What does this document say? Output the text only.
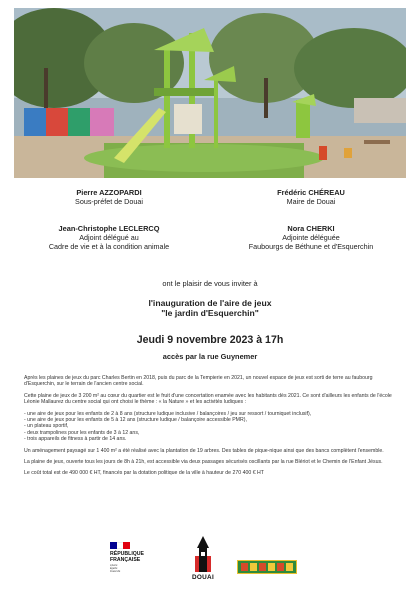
Pierre AZZOPARDI
Sous-préfet de Douai
Frédéric CHÉREAU
Maire de Douai
Jean-Christophe LECLERCQ
Adjoint délégué au
Cadre de vie et à la condition animale
Nora CHERKI
Adjointe déléguée
Faubourgs de Béthune et d'Esquerchin
ont le plaisir de vous inviter à
l'inauguration de l'aire de jeux
"le jardin d'Esquerchin"
Jeudi 9 novembre 2023 à 17h
accès par la rue Guynemer

Après les plaines de jeux du parc Charles Bertin en 2018, puis du parc de la Tempierie en 2021, un nouvel espace de jeux est sorti de terre au faubourg d'Esquerchin, sur le terrain de l'ancien centre social.

Cette plaine de jeux de 3 200 m² au cœur du quartier est le fruit d'une concertation enamée avec les habitants dès 2021. Ce sont d'ailleurs les enfants de l'école Léonie Mallaurez du centre social qui ont choisi le thème : « la Nature » et les activités ludiques :

- une aire de jeux pour les enfants de 2 à 8 ans (structure ludique inclusive / balançoires / jeu sur ressort / tourniquet inclusif),
- une aire de jeux pour les enfants de 5 à 12 ans (structure ludique / balançoire accessible PMR),
- un plateau sportif,
- deux trampolines pour les enfants de 3 à 12 ans,
- trois appareils de fitness à partir de 14 ans.

Un aménagement paysagé sur 1 400 m² a été réalisé avec la plantation de 19 arbres. Des tables de pique-nique ainsi que des bancs complètent l'ensemble.

La plaine de jeux, ouverte tous les jours de 8h à 21h, est accessible via deux passages sécurisés oscillants par la rue Blériot et le Chemin de l'Enfant Jésus.

Le coût total est de 490 000 € HT, financés par la dotation politique de la ville à hauteur de 270 400 € HT

RÉPUBLIQUE
FRANÇAISE
Liberté
Égalité
Fraternité
DOUAI
